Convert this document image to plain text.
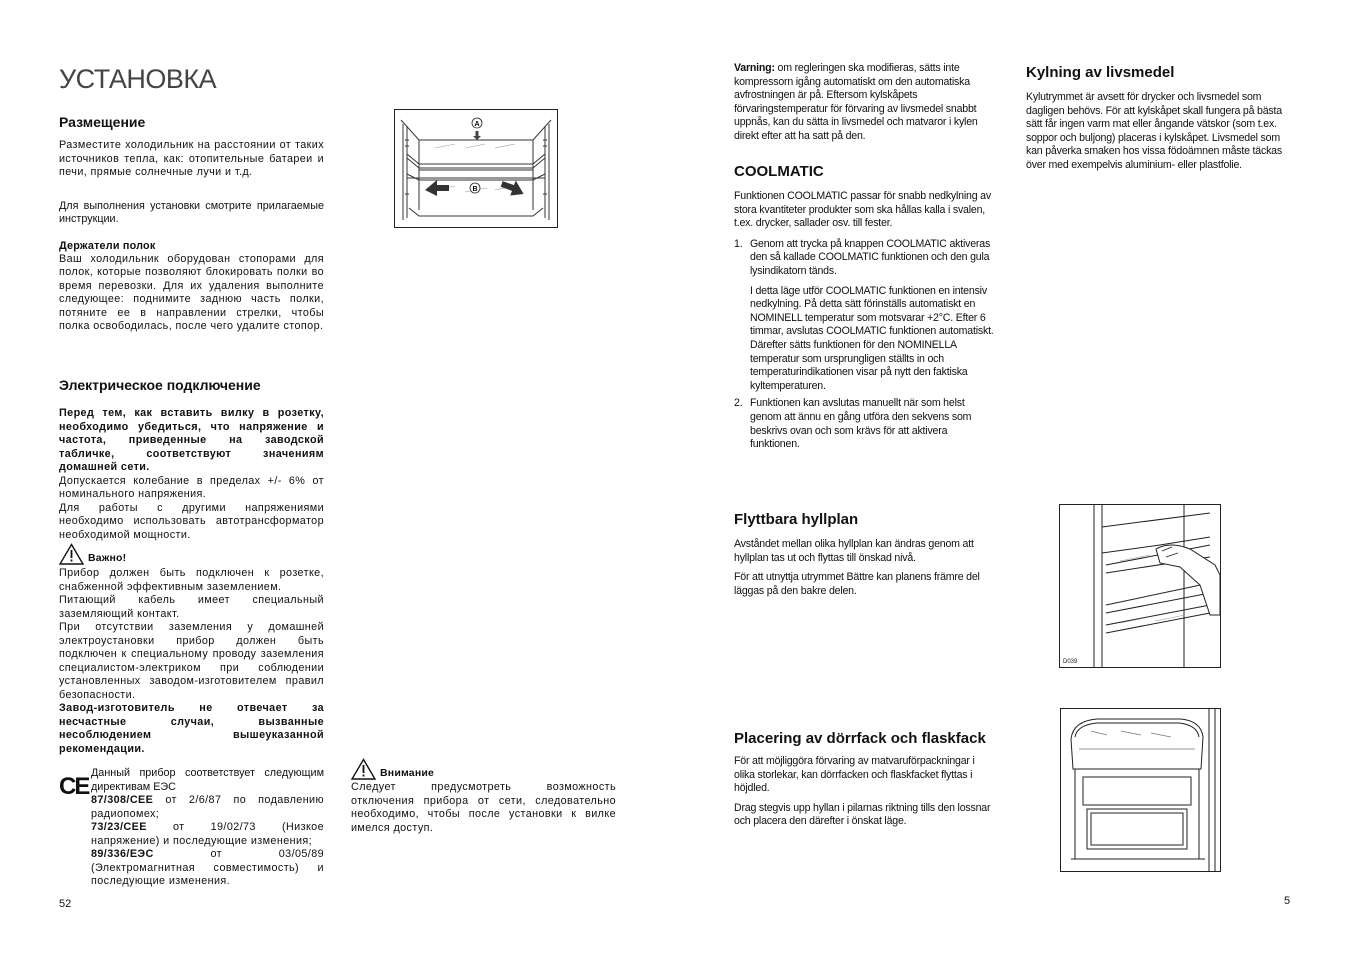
УСТАНОВКА
Размещение

Разместите холодильник на расстоянии от таких источников тепла, как: отопительные батареи и печи, прямые солнечные лучи и т.д.

Для выполнения установки смотрите прилагаемые инструкции.

Держатели полок

Ваш холодильник оборудован стопорами для полок, которые позволяют блокировать полки во время перевозки. Для их удаления выполните следующее: поднимите заднюю часть полки, потяните ее в направлении стрелки, чтобы полка освободилась, после чего удалите стопор.

Электрическое подключение

Перед тем, как вставить вилку в розетку, необходимо убедиться, что напряжение и частота, приведенные на заводской табличке, соответствуют значениям домашней сети.

Допускается колебание в пределах +/- 6% от номинального напряжения.

Для работы с другими напряжениями необходимо использовать автотрансформатор необходимой мощности.

Важно!

Прибор должен быть подключен к розетке, снабженной эффективным заземлением.

Питающий кабель имеет специальный заземляющий контакт.

При отсутствии заземления у домашней электроустановки прибор должен быть подключен к специальному проводу заземления специалистом-электриком при соблюдении установленных заводом-изготовителем правил безопасности.

Завод-изготовитель не отвечает за несчастные случаи, вызванные несоблюдением вышеуказанной рекомендации.

CE Данный прибор соответствует следующим директивам ЕЭС

87/308/CEE от 2/6/87 по подавлению радиопомех;

73/23/CEE от 19/02/73 (Низкое напряжение) и последующие изменения;

89/336/ЕЭС	от 03/05/89 (Электромагнитная совместимость) и последующие изменения.

52
A
B
Внимание

Следует предусмотреть возможность отключения прибора от сети, следовательно необходимо, чтобы после установки к вилке имелся доступ.

Varning: om regleringen ska modifieras, sätts inte kompressorn igång automatiskt om den automatiska avfrostningen är på. Eftersom kylskåpets förvaringstemperatur för förvaring av livsmedel snabbt uppnås, kan du sätta in livsmedel och matvaror i kylen direkt efter att ha satt på den.
COOLMATIC

Funktionen COOLMATIC passar för snabb nedkylning av stora kvantiteter produkter som ska hållas kalla i svalen, t.ex. drycker, sallader osv. till fester.

1. Genom att trycka på knappen COOLMATIC aktiveras den så kallade COOLMATIC funktionen och den gula lysindikatorn tänds.

I detta läge utför COOLMATIC funktionen en intensiv nedkylning. På detta sätt förinställs automatiskt en NOMINELL temperatur som motsvarar +2°C. Efter 6 timmar, avslutas COOLMATIC funktionen automatiskt. Därefter sätts funktionen för den NOMINELLA temperatur som ursprungligen ställts in och temperaturindikationen visar på nytt den faktiska kyltemperaturen.

2. Funktionen kan avslutas manuellt när som helst genom att ännu en gång utföra den sekvens som beskrivs ovan och som krävs för att aktivera funktionen.

Flyttbara hyllplan

Avståndet mellan olika hyllplan kan ändras genom att hyllplan tas ut och flyttas till önskad nivå.

För att utnyttja utrymmet Bättre kan planens främre del läggas på den bakre delen.

Placering av dörrfack och flaskfack

För att möjliggöra förvaring av matvaruförpackningar i olika storlekar, kan dörrfacken och flaskfacket flyttas i höjdled.

Drag stegvis upp hyllan i pilarnas riktning tills den lossnar och placera den därefter i önskat läge.

Kylning av livsmedel

Kylutrymmet är avsett för drycker och livsmedel som dagligen behövs. För att kylskåpet skall fungera på bästa sätt får ingen varm mat eller ångande vätskor (som t.ex. soppor och buljong) placeras i kylskåpet. Livsmedel som kan påverka smaken hos vissa födoämnen måste täckas över med exempelvis aluminium- eller plastfolie.

D039
5
